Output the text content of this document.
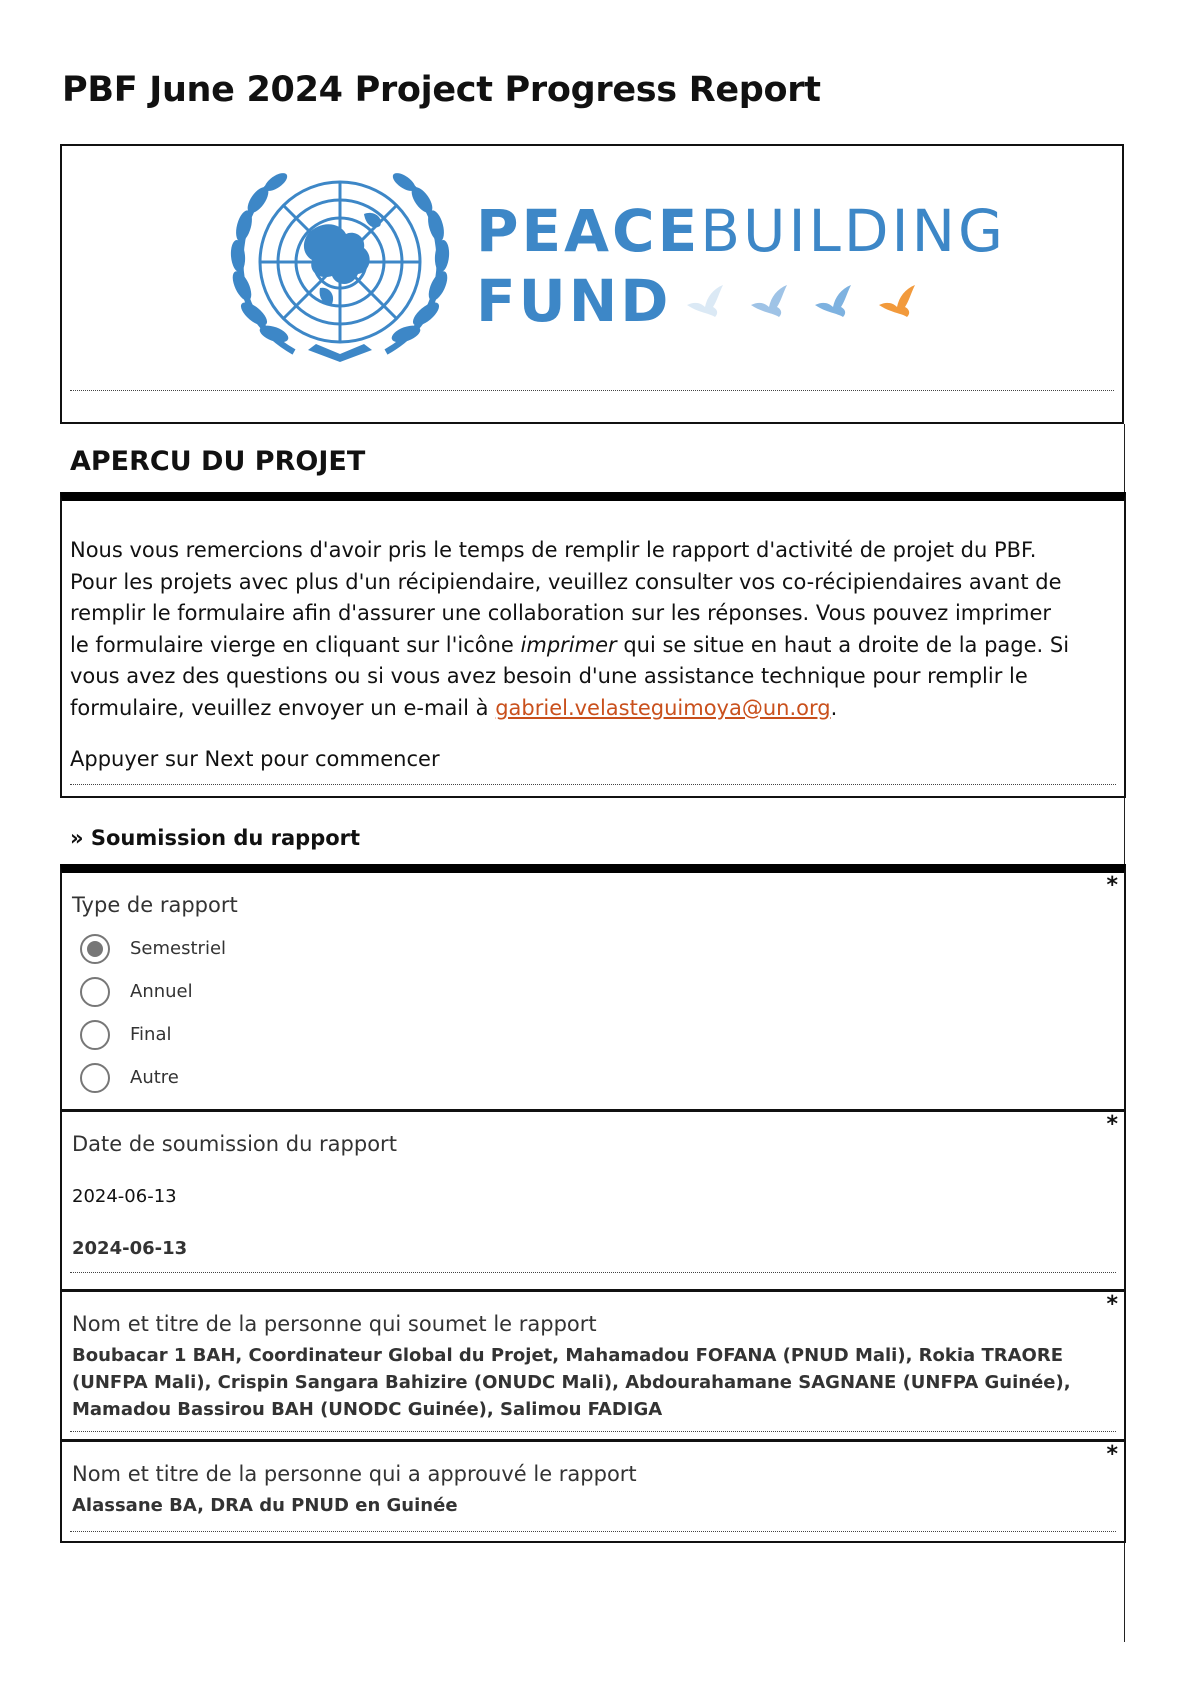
PBF June 2024 Project Progress Report
PEACE BUILDING
FUND
APERCU DU PROJET

Nous vous remercions d'avoir pris le temps de remplir le rapport d'activité de projet du PBF. Pour les projets avec plus d'un récipiendaire, veuillez consulter vos co-récipiendaires avant de remplir le formulaire afin d'assurer une collaboration sur les réponses. Vous pouvez imprimer le formulaire vierge en cliquant sur l'icône imprimer qui se situe en haut a droite de la page. Si vous avez des questions ou si vous avez besoin d'une assistance technique pour remplir le formulaire, veuillez envoyer un e-mail à gabriel.velasteguimoya@un.org.

Appuyer sur Next pour commencer

» Soumission du rapport
*

Type de rapport

Semestriel
Annuel
Final
Autre
*

Date de soumission du rapport

2024-06-13

2024-06-13

*

Nom et titre de la personne qui soumet le rapport

Boubacar 1 BAH, Coordinateur Global du Projet, Mahamadou FOFANA (PNUD Mali), Rokia TRAORE (UNFPA Mali), Crispin Sangara Bahizire (ONUDC Mali), Abdourahamane SAGNANE (UNFPA Guinée), Mamadou Bassirou BAH (UNODC Guinée), Salimou FADIGA

*

Nom et titre de la personne qui a approuvé le rapport

Alassane BA, DRA du PNUD en Guinée
